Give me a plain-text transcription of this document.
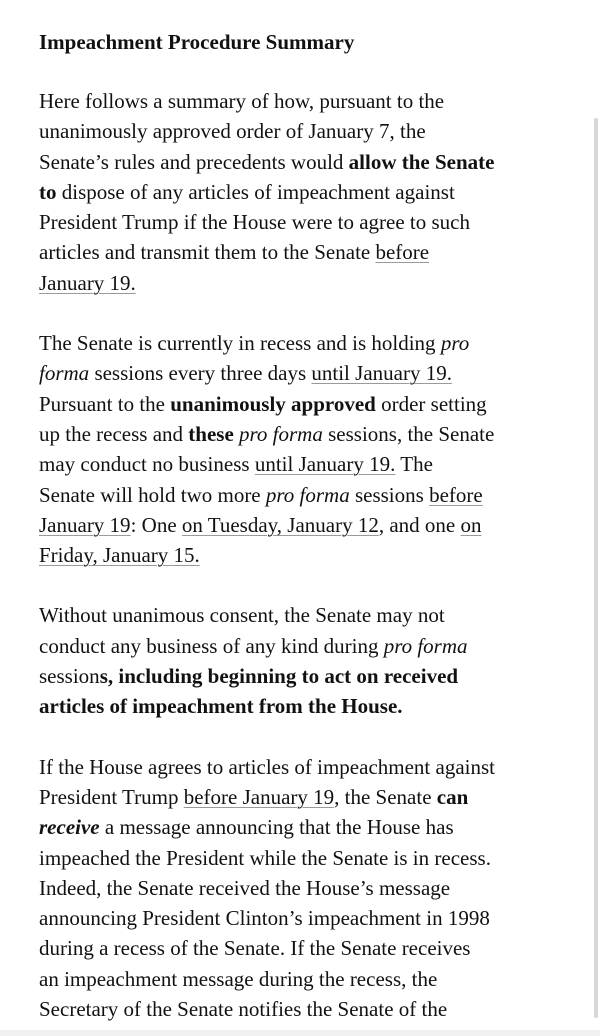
Impeachment Procedure Summary
Here follows a summary of how, pursuant to the
unanimously approved order of January 7, the
Senate’s rules and precedents would allow the Senate
to dispose of any articles of impeachment against
President Trump if the House were to agree to such
articles and transmit them to the Senate before
January 19.
The Senate is currently in recess and is holding pro
forma sessions every three days until January 19.
Pursuant to the unanimously approved order setting
up the recess and these pro forma sessions, the Senate
may conduct no business until January 19. The
Senate will hold two more pro forma sessions before
January 19: One on Tuesday, January 12, and one on
Friday, January 15.
Without unanimous consent, the Senate may not
conduct any business of any kind during pro forma
sessions, including beginning to act on received
articles of impeachment from the House.
If the House agrees to articles of impeachment against
President Trump before January 19, the Senate can
receive a message announcing that the House has
impeached the President while the Senate is in recess.
Indeed, the Senate received the House’s message
announcing President Clinton’s impeachment in 1998
during a recess of the Senate. If the Senate receives
an impeachment message during the recess, the
Secretary of the Senate notifies the Senate of the
